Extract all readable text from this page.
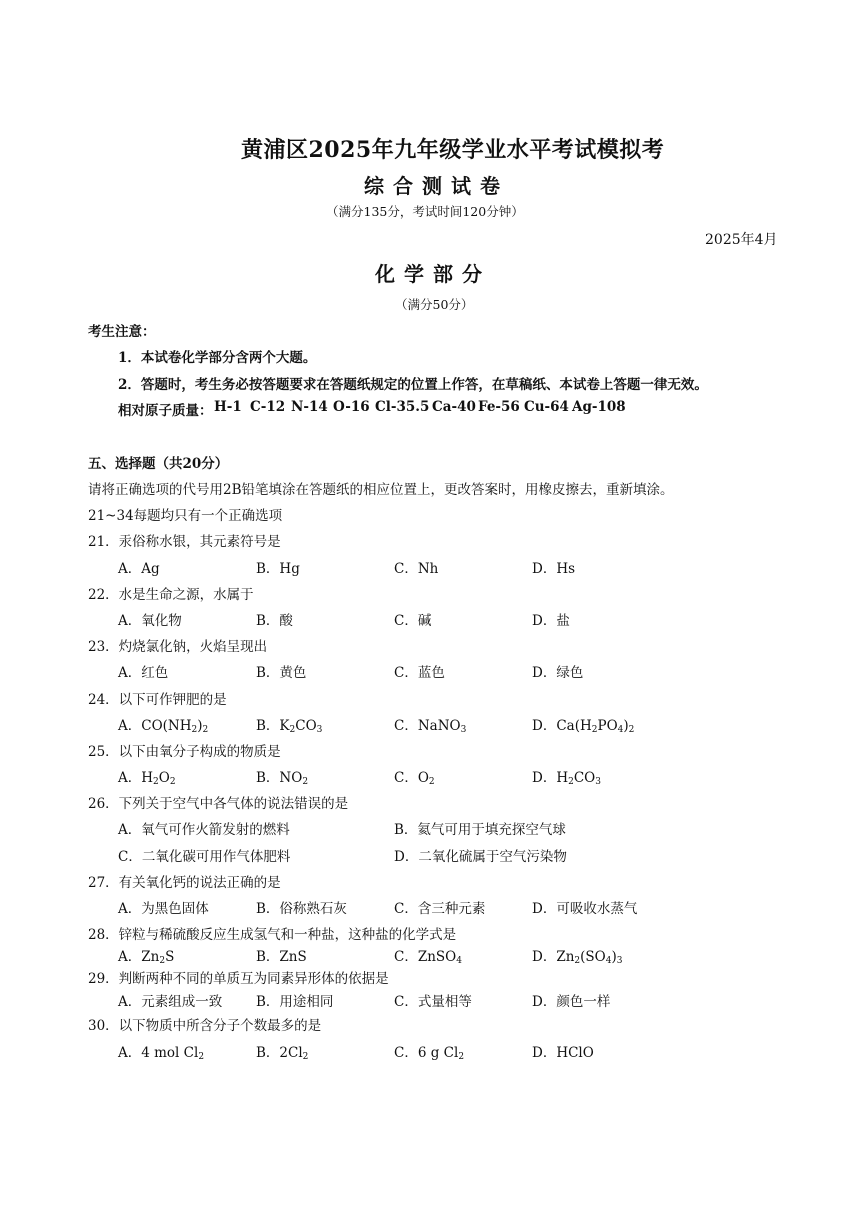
黄浦区2025年九年级学业水平考试模拟考
综合测试卷
（满分135分，考试时间120分钟）
2025年4月
化学部分
（满分50分）
考生注意：
1．本试卷化学部分含两个大题。
2．答题时，考生务必按答题要求在答题纸规定的位置上作答，在草稿纸、本试卷上答题一律无效。
相对原子质量： H-1 C-12 N-14 O-16 Cl-35.5 Ca-40 Fe-56 Cu-64 Ag-108
五、选择题（共20分）
请将正确选项的代号用2B铅笔填涂在答题纸的相应位置上，更改答案时，用橡皮擦去，重新填涂。
21~34每题均只有一个正确选项
21．汞俗称水银，其元素符号是
A．Ag	B．Hg	C．Nh	D．Hs
22．水是生命之源，水属于
A．氧化物	B．酸	C．碱	D．盐
23．灼烧氯化钠，火焰呈现出
A．红色	B．黄色	C．蓝色	D．绿色
24．以下可作钾肥的是
A．$CO(NH_2)_2$	B．$K_2CO_3$	C．NaNO$_3$	D．$Ca(H_2PO_4)_2$
25．以下由氧分子构成的物质是
A．$H_2O_2$	B．$NO_2$	C．$O_2$	D．$H_2CO_3$
26．下列关于空气中各气体的说法错误的是
A．氧气可作火箭发射的燃料	B．氦气可用于填充探空气球
C．二氧化碳可用作气体肥料	D．二氧化硫属于空气污染物
27．有关氧化钙的说法正确的是
A．为黑色固体	B．俗称熟石灰	C．含三种元素	D．可吸收水蒸气
28．锌粒与稀硫酸反应生成氢气和一种盐，这种盐的化学式是
A．$Zn_2S$	B．ZnS	C．ZnSO$_4$	D．$Zn_2(SO_4)_3$
29．判断两种不同的单质互为同素异形体的依据是
A．元素组成一致	B．用途相同	C．式量相等	D．颜色一样
30．以下物质中所含分子个数最多的是
A．4 mol $Cl_2$	B．$2Cl_2$	C．6 g $Cl_2$	D．HClO
